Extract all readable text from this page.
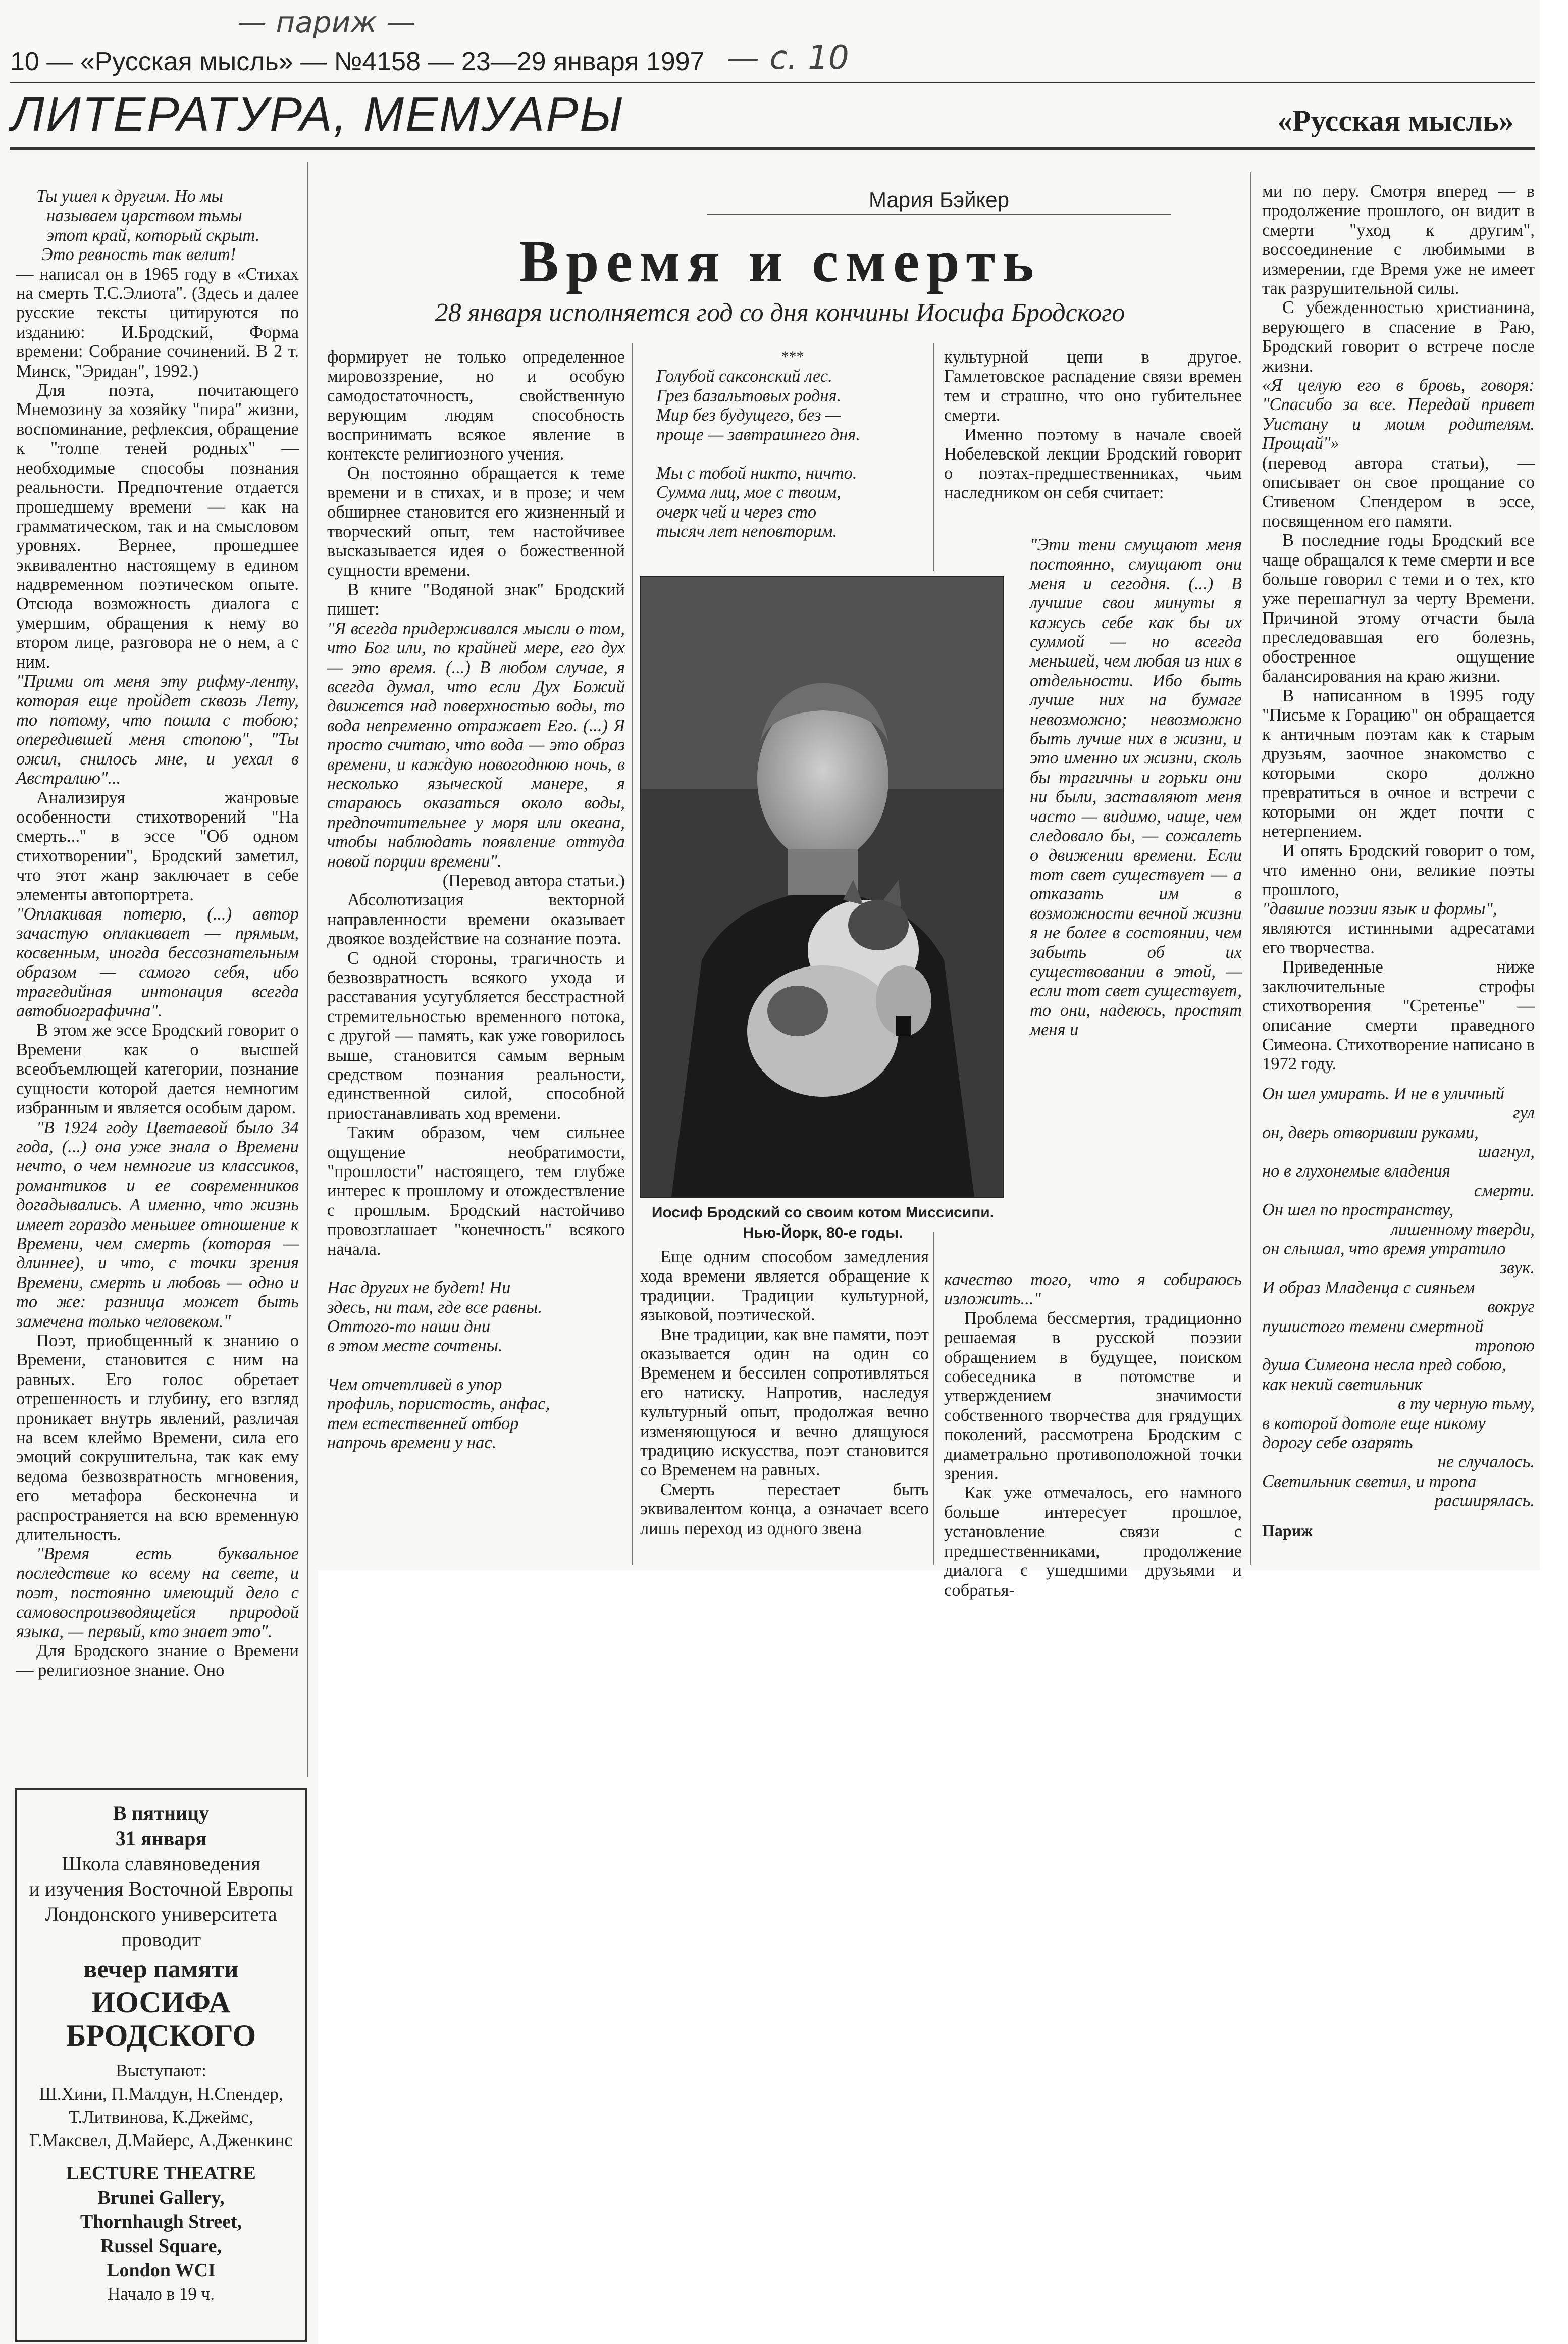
— париж —
— с. 10
10 — «Русская мысль» — №4158 — 23—29 января 1997
ЛИТЕРАТУРА, МЕМУАРЫ	«Русская мысль»
Мария Бэйкер
Время и смерть
28 января исполняется год со дня кончины Иосифа Бродского
Ты ушел к другим. Но мы
называем царством тьмы
этот край, который скрыт.
Это ревность так велит!

— написал он в 1965 году в «Стихах на смерть Т.С.Элиота''. (Здесь и далее русские тексты цитируются по изданию: И.Бродский, Форма времени: Собрание сочинений. В 2 т. Минск, "Эридан", 1992.)

Для поэта, почитающего Мнемозину за хозяйку "пира" жизни, воспоминание, рефлексия, обращение к "толпе теней родных" — необходимые способы познания реальности. Предпочтение отдается прошедшему времени — как на грамматическом, так и на смысловом уровнях. Вернее, прошедшее эквивалентно настоящему в едином надвременном поэтическом опыте. Отсюда возможность диалога с умершим, обращения к нему во втором лице, разговора не о нем, а с ним.

"Прими от меня эту рифму-ленту, которая еще пройдет сквозь Лету, то потому, что пошла с тобою; опередившей меня стопою", "Ты ожил, снилось мне, и уехал в Австралию"...

Анализируя жанровые особенности стихотворений "На смерть...'' в эссе "Об одном стихотворении", Бродский заметил, что этот жанр заключает в себе элементы автопортрета.

"Оплакивая потерю, (...) автор зачастую оплакивает — прямым, косвенным, иногда бессознательным образом — самого себя, ибо трагедийная интонация всегда автобиографична".

В этом же эссе Бродский говорит о Времени как о высшей всеобъемлющей категории, познание сущности которой дается немногим избранным и является особым даром.

"В 1924 году Цветаевой было 34 года, (...) она уже знала о Времени нечто, о чем немногие из классиков, романтиков и ее современников догадывались. А именно, что жизнь имеет гораздо меньшее отношение к Времени, чем смерть (которая — длиннее), и что, с точки зрения Времени, смерть и любовь — одно и то же: разница может быть замечена только человеком."

Поэт, приобщенный к знанию о Времени, становится с ним на равных. Его голос обретает отрешенность и глубину, его взгляд проникает внутрь явлений, различая на всем клеймо Времени, сила его эмоций сокрушительна, так как ему ведома безвозвратность мгновения, его метафора бесконечна и распространяется на всю временную длительность.

"Время есть буквальное последствие ко всему на свете, и поэт, постоянно имеющий дело с самовоспроизводящейся природой языка, — первый, кто знает это".

Для Бродского знание о Времени — религиозное знание. Оно

формирует не только определенное мировоззрение, но и особую самодостаточность, свойственную верующим людям способность воспринимать всякое явление в контексте религиозного учения.

Он постоянно обращается к теме времени и в стихах, и в прозе; и чем обширнее становится его жизненный и творческий опыт, тем настойчивее высказывается идея о божественной сущности времени.

В книге "Водяной знак'' Бродский пишет:

"Я всегда придерживался мысли о том, что Бог или, по крайней мере, его дух — это время. (...) В любом случае, я всегда думал, что если Дух Божий движется над поверхностью воды, то вода непременно отражает Его. (...) Я просто считаю, что вода — это образ времени, и каждую новогоднюю ночь, в несколько языческой манере, я стараюсь оказаться около воды, предпочтительнее у моря или океана, чтобы наблюдать появление оттуда новой порции времени".

(Перевод автора статьи.)

Абсолютизация векторной направленности времени оказывает двоякое воздействие на сознание поэта.

С одной стороны, трагичность и безвозвратность всякого ухода и расставания усугубляется бесстрастной стремительностью временного потока, с другой — память, как уже говорилось выше, становится самым верным средством познания реальности, единственной силой, способной приостанавливать ход времени.

Таким образом, чем сильнее ощущение необратимости, "прошлости'' настоящего, тем глубже интерес к прошлому и отождествление с прошлым. Бродский настойчиво провозглашает "конечность" всякого начала.

Нас других не будет! Ни
здесь, ни там, где все равны.
Оттого-то наши дни
в этом месте сочтены.
Чем отчетливей в упор
профиль, пористость, анфас,
тем естественней отбор
напрочь времени у нас.
***
Голубой саксонский лес.
Грез базальтовых родня.
Мир без будущего, без —
проще — завтрашнего дня.
Мы с тобой никто, ничто.
Сумма лиц, мое с твоим,
очерк чей и через сто
тысяч лет неповторим.

культурной цепи в другое. Гамлетовское распадение связи времен тем и страшно, что оно губительнее смерти.

Именно поэтому в начале своей Нобелевской лекции Бродский говорит о поэтах-предшественниках, чьим наследником он себя считает:

"Эти тени смущают меня постоянно, смущают они меня и сегодня. (...) В лучшие свои минуты я кажусь себе как бы их суммой — но всегда меньшей, чем любая из них в отдельности. Ибо быть лучше них на бумаге невозможно; невозможно быть лучше них в жизни, и это именно их жизни, сколь бы трагичны и горьки они ни были, заставляют меня часто — видимо, чаще, чем следовало бы, — сожалеть о движении времени. Если тот свет существует — а отказать им в возможности вечной жизни я не более в состоянии, чем забыть об их существовании в этой, — если тот свет существует, то они, надеюсь, простят меня и

Иосиф Бродский со своим котом Миссисипи.
Нью-Йорк, 80-е годы.

Еще одним способом замедления хода времени является обращение к традиции. Традиции культурной, языковой, поэтической.

Вне традиции, как вне памяти, поэт оказывается один на один со Временем и бессилен сопротивляться его натиску. Напротив, наследуя культурный опыт, продолжая вечно изменяющуюся и вечно длящуюся традицию искусства, поэт становится со Временем на равных.

Смерть перестает быть эквивалентом конца, а означает всего лишь переход из одного звена

качество того, что я собираюсь изложить..."

Проблема бессмертия, традиционно решаемая в русской поэзии обращением в будущее, поиском собеседника в потомстве и утверждением значимости собственного творчества для грядущих поколений, рассмотрена Бродским с диаметрально противоположной точки зрения.

Как уже отмечалось, его намного больше интересует прошлое, установление связи с предшественниками, продолжение диалога с ушедшими друзьями и собратья-

ми по перу. Смотря вперед — в продолжение прошлого, он видит в смерти "уход к другим", воссоединение с любимыми в измерении, где Время уже не имеет так разрушительной силы.

С убежденностью христианина, верующего в спасение в Раю, Бродский говорит о встрече после жизни.

«Я целую его в бровь, говоря: "Спасибо за все. Передай привет Уистану и моим родителям. Прощай"»

(перевод автора статьи), — описывает он свое прощание со Стивеном Спендером в эссе, посвященном его памяти.

В последние годы Бродский все чаще обращался к теме смерти и все больше говорил с теми и о тех, кто уже перешагнул за черту Времени. Причиной этому отчасти была преследовавшая его болезнь, обостренное ощущение балансирования на краю жизни.

В написанном в 1995 году "Письме к Горацию" он обращается к античным поэтам как к старым друзьям, заочное знакомство с которыми скоро должно превратиться в очное и встречи с которыми он ждет почти с нетерпением.

И опять Бродский говорит о том, что именно они, великие поэты прошлого,

"давшие поэзии язык и формы",

являются истинными адресатами его творчества.

Приведенные ниже заключительные строфы стихотворения "Сретенье" — описание смерти праведного Симеона. Стихотворение написано в 1972 году.

Он шел умирать. И не в уличный
гул
он, дверь отворивши руками,
шагнул,
но в глухонемые владения
смерти.
Он шел по пространству,
лишенному тверди,
он слышал, что время утратило
звук.
И образ Младенца с сияньем
вокруг
пушистого темени смертной
тропою
душа Симеона несла пред собою,
как некий светильник
в ту черную тьму,
в которой дотоле еще никому
дорогу себе озарять
не случалось.
Светильник светил, и тропа
расширялась.
Париж
В пятницу
31 января
Школа славяноведения
и изучения Восточной Европы
Лондонского университета
проводит
вечер памяти
ИОСИФА
БРОДСКОГО
Выступают:
Ш.Хини, П.Малдун, Н.Спендер,
Т.Литвинова, К.Джеймс,
Г.Максвел, Д.Майерс, А.Дженкинс
LECTURE THEATRE
Brunei Gallery,
Thornhaugh Street,
Russel Square,
London WCI
Начало в 19 ч.
